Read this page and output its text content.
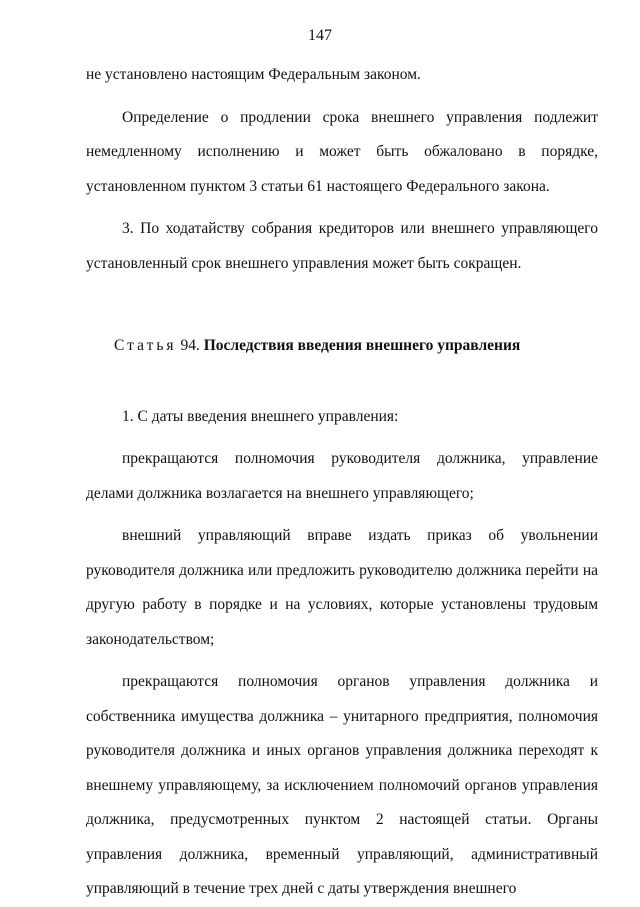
147

не установлено настоящим Федеральным законом.

Определение о продлении срока внешнего управления подлежит немедленному исполнению и может быть обжаловано в порядке, установленном пунктом 3 статьи 61 настоящего Федерального закона.

3. По ходатайству собрания кредиторов или внешнего управляющего установленный срок внешнего управления может быть сокращен.

Статья 94. Последствия введения внешнего управления

1. С даты введения внешнего управления:

прекращаются полномочия руководителя должника, управление делами должника возлагается на внешнего управляющего;

внешний управляющий вправе издать приказ об увольнении руководителя должника или предложить руководителю должника перейти на другую работу в порядке и на условиях, которые установлены трудовым законодательством;

прекращаются полномочия органов управления должника и собственника имущества должника – унитарного предприятия, полномочия руководителя должника и иных органов управления должника переходят к внешнему управляющему, за исключением полномочий органов управления должника, предусмотренных пунктом 2 настоящей статьи. Органы управления должника, временный управляющий, административный управляющий в течение трех дней с даты утверждения внешнего
